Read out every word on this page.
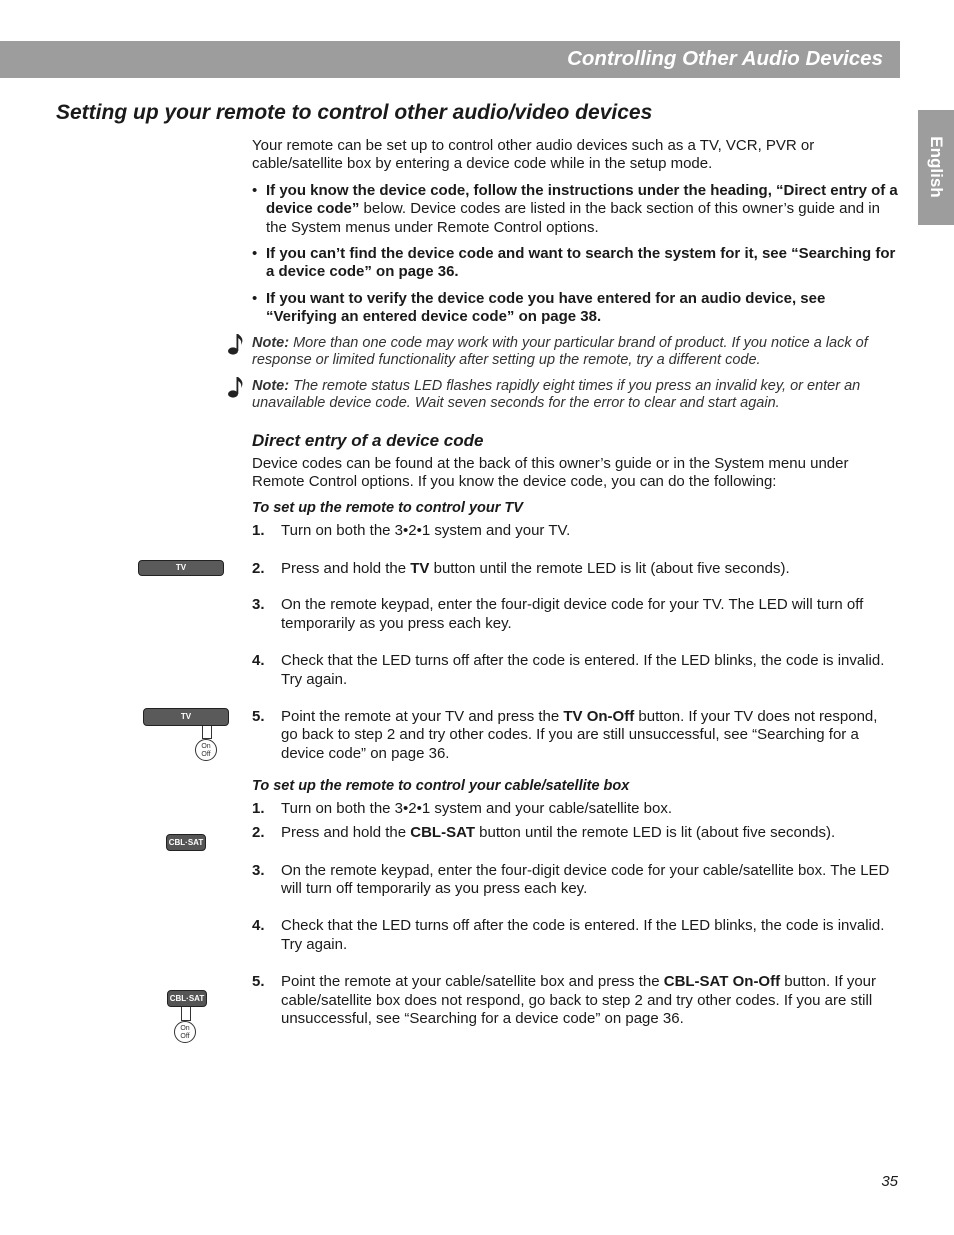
Controlling Other Audio Devices
English
Setting up your remote to control other audio/video devices

Your remote can be set up to control other audio devices such as a TV, VCR, PVR or cable/satellite box by entering a device code while in the setup mode.

• If you know the device code, follow the instructions under the heading, “Direct entry of a device code” below. Device codes are listed in the back section of this owner’s guide and in the System menus under Remote Control options.

• If you can’t find the device code and want to search the system for it, see “Searching for a device code” on page 36.

• If you want to verify the device code you have entered for an audio device, see “Verifying an entered device code” on page 38.

Note: More than one code may work with your particular brand of product. If you notice a lack of response or limited functionality after setting up the remote, try a different code.

Note: The remote status LED flashes rapidly eight times if you press an invalid key, or enter an unavailable device code. Wait seven seconds for the error to clear and start again.

Direct entry of a device code

Device codes can be found at the back of this owner’s guide or in the System menu under Remote Control options. If you know the device code, you can do the following:

To set up the remote to control your TV
1. Turn on both the 3•2•1 system and your TV.
2. Press and hold the TV button until the remote LED is lit (about five seconds).
3. On the remote keypad, enter the four-digit device code for your TV. The LED will turn off temporarily as you press each key.
4. Check that the LED turns off after the code is entered. If the LED blinks, the code is invalid. Try again.
5. Point the remote at your TV and press the TV On-Off button. If your TV does not respond, go back to step 2 and try other codes. If you are still unsuccessful, see “Searching for a device code” on page 36.
To set up the remote to control your cable/satellite box
1. Turn on both the 3•2•1 system and your cable/satellite box.
2. Press and hold the CBL-SAT button until the remote LED is lit (about five seconds).
3. On the remote keypad, enter the four-digit device code for your cable/satellite box. The LED will turn off temporarily as you press each key.
4. Check that the LED turns off after the code is entered. If the LED blinks, the code is invalid. Try again.
5. Point the remote at your cable/satellite box and press the CBL-SAT On-Off button. If your cable/satellite box does not respond, go back to step 2 and try other codes. If you are still unsuccessful, see “Searching for a device code” on page 36.
TV
TV
On
Off
CBL·SAT
CBL·SAT
On
Off
35
